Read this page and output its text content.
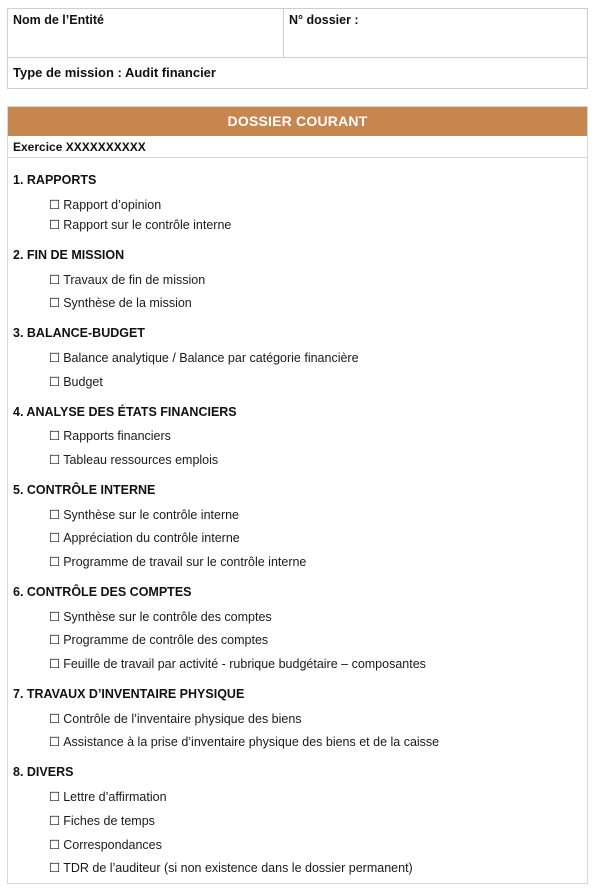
Nom de l’Entité	N° dossier :
Type de mission : Audit financier
DOSSIER COURANT
Exercice XXXXXXXXXX
1. RAPPORTS
☐ Rapport d’opinion
☐ Rapport sur le contrôle interne
2. FIN DE MISSION
☐ Travaux de fin de mission
☐ Synthèse de la mission
3. BALANCE-BUDGET
☐ Balance analytique / Balance par catégorie financière
☐ Budget
4. ANALYSE DES ÉTATS FINANCIERS
☐ Rapports financiers
☐ Tableau ressources emplois
5. CONTRÔLE INTERNE
☐ Synthèse sur le contrôle interne
☐ Appréciation du contrôle interne
☐ Programme de travail sur le contrôle interne
6. CONTRÔLE DES COMPTES
☐ Synthèse sur le contrôle des comptes
☐ Programme de contrôle des comptes
☐ Feuille de travail par activité - rubrique budgétaire – composantes
7. TRAVAUX D’INVENTAIRE PHYSIQUE
☐ Contrôle de l’inventaire physique des biens
☐ Assistance à la prise d’inventaire physique des biens et de la caisse
8. DIVERS
☐ Lettre d’affirmation
☐ Fiches de temps
☐ Correspondances
☐ TDR de l’auditeur (si non existence dans le dossier permanent)
